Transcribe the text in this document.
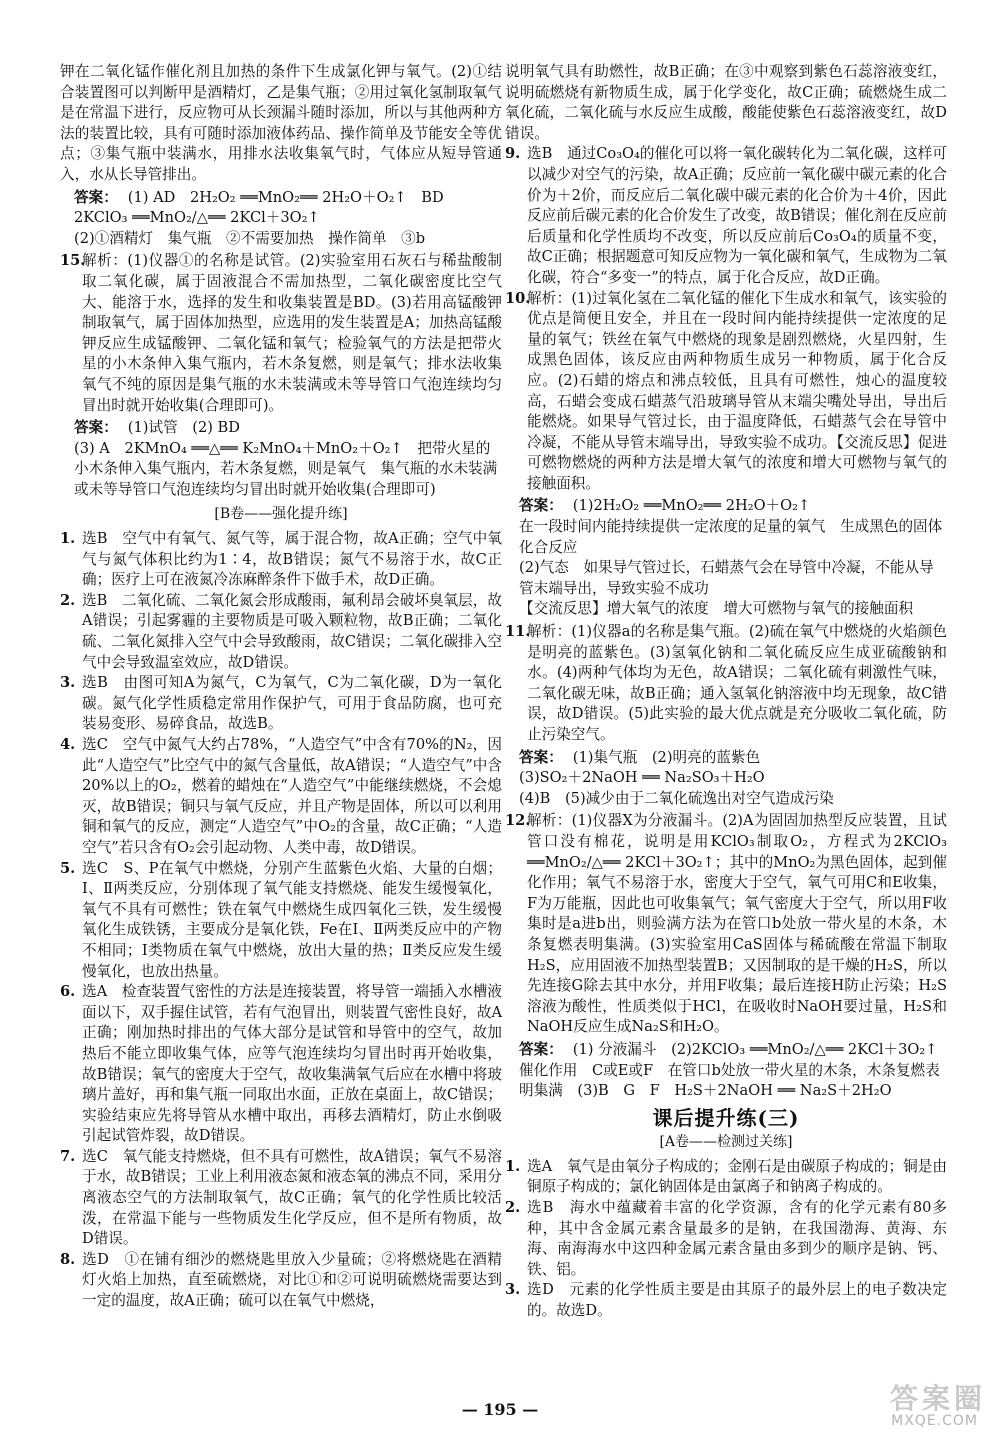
钾在二氧化锰作催化剂且加热的条件下生成氯化钾与氧气。(2)①结合装置图可以判断甲是酒精灯，乙是集气瓶；②用过氧化氢制取氧气是在常温下进行，反应物可从长颈漏斗随时添加，所以与其他两种方法的装置比较，具有可随时添加液体药品、操作简单及节能安全等优点；③集气瓶中装满水，用排水法收集氧气时，气体应从短导管通入，水从长导管排出。

答案： (1) AD　2H₂O₂ ══MnO₂══ 2H₂O＋O₂↑　BD
2KClO₃ ══MnO₂/△══ 2KCl＋3O₂↑
(2)①酒精灯　集气瓶　②不需要加热　操作简单　③b
15.
解析：(1)仪器①的名称是试管。(2)实验室用石灰石与稀盐酸制取二氧化碳，属于固液混合不需加热型，二氧化碳密度比空气大、能溶于水，选择的发生和收集装置是BD。(3)若用高锰酸钾制取氧气，属于固体加热型，应选用的发生装置是A；加热高锰酸钾反应生成锰酸钾、二氧化锰和氧气；检验氧气的方法是把带火星的小木条伸入集气瓶内，若木条复燃，则是氧气；排水法收集氧气不纯的原因是集气瓶的水未装满或未等导管口气泡连续均匀冒出时就开始收集(合理即可)。
答案： (1)试管　(2) BD
(3) A　2KMnO₄ ══△══ K₂MnO₄＋MnO₂＋O₂↑　把带火星的小木条伸入集气瓶内，若木条复燃，则是氧气　集气瓶的水未装满或未等导管口气泡连续均匀冒出时就开始收集(合理即可)
[B卷——强化提升练]
1. 选B　空气中有氧气、氮气等，属于混合物，故A正确；空气中氧气与氮气体积比约为1∶4，故B错误；氮气不易溶于水，故C正确；医疗上可在液氮冷冻麻醉条件下做手术，故D正确。
2. 选B　二氧化硫、二氧化氮会形成酸雨，氟利昂会破坏臭氧层，故A错误；引起雾霾的主要物质是可吸入颗粒物，故B正确；二氧化硫、二氧化氮排入空气中会导致酸雨，故C错误；二氧化碳排入空气中会导致温室效应，故D错误。
3. 选B　由图可知A为氮气，C为氧气，C为二氧化碳，D为一氧化碳。氮气化学性质稳定常用作保护气，可用于食品防腐，也可充装易变形、易碎食品，故选B。
4. 选C　空气中氮气大约占78%，“人造空气”中含有70%的N₂，因此“人造空气”比空气中的氮气含量低，故A错误；“人造空气”中含20%以上的O₂，燃着的蜡烛在“人造空气”中能继续燃烧，不会熄灭，故B错误；铜只与氧气反应，并且产物是固体，所以可以利用铜和氧气的反应，测定“人造空气”中O₂的含量，故C正确；“人造空气”若只含有O₂会引起动物、人类中毒，故D错误。
5. 选C　S、P在氧气中燃烧，分别产生蓝紫色火焰、大量的白烟；Ⅰ、Ⅱ两类反应，分别体现了氧气能支持燃烧、能发生缓慢氧化，氧气不具有可燃性；铁在氧气中燃烧生成四氧化三铁，发生缓慢氧化生成铁锈，主要成分是氧化铁，Fe在Ⅰ、Ⅱ两类反应中的产物不相同；Ⅰ类物质在氧气中燃烧，放出大量的热；Ⅱ类反应发生缓慢氧化，也放出热量。
6. 选A　检查装置气密性的方法是连接装置，将导管一端插入水槽液面以下，双手握住试管，若有气泡冒出，则装置气密性良好，故A正确；刚加热时排出的气体大部分是试管和导管中的空气，故加热后不能立即收集气体，应等气泡连续均匀冒出时再开始收集，故B错误；氧气的密度大于空气，故收集满氧气后应在水槽中将玻璃片盖好，再和集气瓶一同取出水面，正放在桌面上，故C错误；实验结束应先将导管从水槽中取出，再移去酒精灯，防止水倒吸引起试管炸裂，故D错误。
7. 选C　氧气能支持燃烧，但不具有可燃性，故A错误；氧气不易溶于水，故B错误；工业上利用液态氮和液态氧的沸点不同，采用分离液态空气的方法制取氧气，故C正确；氧气的化学性质比较活泼，在常温下能与一些物质发生化学反应，但不是所有物质，故D错误。
8. 选D　①在铺有细沙的燃烧匙里放入少量硫；②将燃烧匙在酒精灯火焰上加热，直至硫燃烧，对比①和②可说明硫燃烧需要达到一定的温度，故A正确；硫可以在氧气中燃烧，

说明氧气具有助燃性，故B正确；在③中观察到紫色石蕊溶液变红，说明硫燃烧有新物质生成，属于化学变化，故C正确；硫燃烧生成二氧化硫，二氧化硫与水反应生成酸，酸能使紫色石蕊溶液变红，故D错误。

9. 选B　通过Co₃O₄的催化可以将一氧化碳转化为二氧化碳，这样可以减少对空气的污染，故A正确；反应前一氧化碳中碳元素的化合价为＋2价，而反应后二氧化碳中碳元素的化合价为＋4价，因此反应前后碳元素的化合价发生了改变，故B错误；催化剂在反应前后质量和化学性质均不改变，所以反应前后Co₃O₄的质量不变，故C正确；根据题意可知反应物为一氧化碳和氧气，生成物为二氧化碳，符合“多变一”的特点，属于化合反应，故D正确。
10.
解析：(1)过氧化氢在二氧化锰的催化下生成水和氧气，该实验的优点是简便且安全，并且在一段时间内能持续提供一定浓度的足量的氧气；铁丝在氧气中燃烧的现象是剧烈燃烧，火星四射，生成黑色固体，该反应由两种物质生成另一种物质，属于化合反应。(2)石蜡的熔点和沸点较低，且具有可燃性，烛心的温度较高，石蜡会变成石蜡蒸气沿玻璃导管从末端尖嘴处导出，导出后能燃烧。如果导气管过长，由于温度降低，石蜡蒸气会在导管中冷凝，不能从导管末端导出，导致实验不成功。【交流反思】促进可燃物燃烧的两种方法是增大氧气的浓度和增大可燃物与氧气的接触面积。
答案： (1)2H₂O₂ ══MnO₂══ 2H₂O＋O₂↑
在一段时间内能持续提供一定浓度的足量的氧气　生成黑色的固体　化合反应
(2)气态　如果导气管过长，石蜡蒸气会在导管中冷凝，不能从导管末端导出，导致实验不成功
【交流反思】增大氧气的浓度　增大可燃物与氧气的接触面积
11.
解析：(1)仪器a的名称是集气瓶。(2)硫在氧气中燃烧的火焰颜色是明亮的蓝紫色。(3)氢氧化钠和二氧化硫反应生成亚硫酸钠和水。(4)两种气体均为无色，故A错误；二氧化硫有刺激性气味，二氧化碳无味，故B正确；通入氢氧化钠溶液中均无现象，故C错误，故D错误。(5)此实验的最大优点就是充分吸收二氧化硫，防止污染空气。
答案： (1)集气瓶　(2)明亮的蓝紫色
(3)SO₂＋2NaOH ══ Na₂SO₃＋H₂O
(4)B　(5)减少由于二氧化硫逸出对空气造成污染
12.
解析：(1)仪器X为分液漏斗。(2)A为固固加热型反应装置，且试管口没有棉花，说明是用KClO₃制取O₂，方程式为2KClO₃ ══MnO₂/△══ 2KCl＋3O₂↑；其中的MnO₂为黑色固体，起到催化作用；氧气不易溶于水，密度大于空气，氧气可用C和E收集，F为万能瓶，因此也可收集氧气；氧气密度大于空气，所以用F收集时是a进b出，则验满方法为在管口b处放一带火星的木条，木条复燃表明集满。(3)实验室用CaS固体与稀硫酸在常温下制取H₂S，应用固液不加热型装置B；又因制取的是干燥的H₂S，所以先连接G除去其中水分，并用F收集；最后连接H防止污染；H₂S溶液为酸性，性质类似于HCl，在吸收时NaOH要过量，H₂S和NaOH反应生成Na₂S和H₂O。
答案： (1) 分液漏斗　(2)2KClO₃ ══MnO₂/△══ 2KCl＋3O₂↑　催化作用　C或E或F　在管口b处放一带火星的木条，木条复燃表明集满　(3)B　G　F　H₂S＋2NaOH ══ Na₂S＋2H₂O
课后提升练(三)
[A卷——检测过关练]
1. 选A　氧气是由氧分子构成的；金刚石是由碳原子构成的；铜是由铜原子构成的；氯化钠固体是由氯离子和钠离子构成的。
2. 选B　海水中蕴藏着丰富的化学资源，含有的化学元素有80多种，其中含金属元素含量最多的是钠，在我国渤海、黄海、东海、南海海水中这四种金属元素含量由多到少的顺序是钠、钙、铁、铝。
3. 选D　元素的化学性质主要是由其原子的最外层上的电子数决定的。故选D。
— 195 —	答案圈
MXQE.COM
